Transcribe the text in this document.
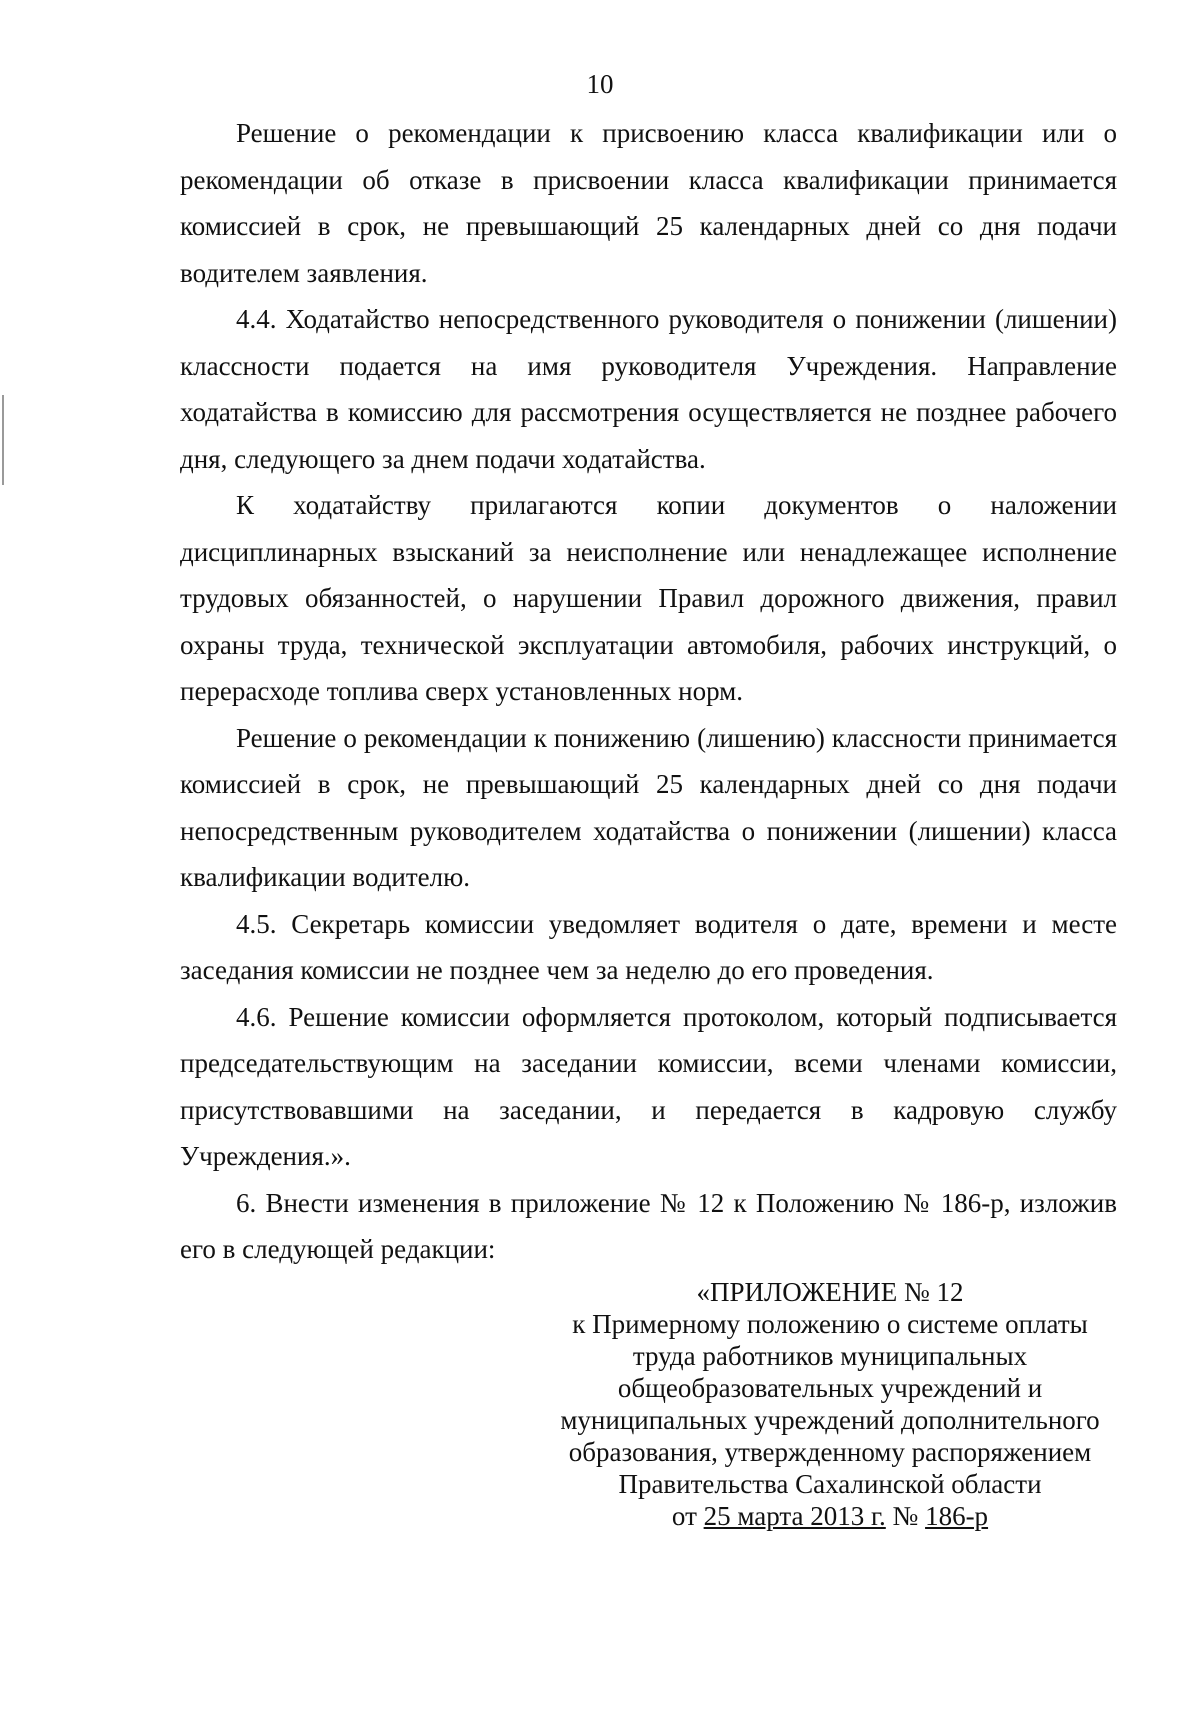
10

Решение о рекомендации к присвоению класса квалификации или о рекомендации об отказе в присвоении класса квалификации принимается комиссией в срок, не превышающий 25 календарных дней со дня подачи водителем заявления.

4.4. Ходатайство непосредственного руководителя о понижении (лишении) классности подается на имя руководителя Учреждения. Направление ходатайства в комиссию для рассмотрения осуществляется не позднее рабочего дня, следующего за днем подачи ходатайства.

К ходатайству прилагаются копии документов о наложении дисциплинарных взысканий за неисполнение или ненадлежащее исполнение трудовых обязанностей, о нарушении Правил дорожного движения, правил охраны труда, технической эксплуатации автомобиля, рабочих инструкций, о перерасходе топлива сверх установленных норм.

Решение о рекомендации к понижению (лишению) классности принимается комиссией в срок, не превышающий 25 календарных дней со дня подачи непосредственным руководителем ходатайства о понижении (лишении) класса квалификации водителю.

4.5. Секретарь комиссии уведомляет водителя о дате, времени и месте заседания комиссии не позднее чем за неделю до его проведения.

4.6. Решение комиссии оформляется протоколом, который подписывается председательствующим на заседании комиссии, всеми членами комиссии, присутствовавшими на заседании, и передается в кадровую службу Учреждения.».

6. Внести изменения в приложение № 12 к Положению № 186-р, изложив его в следующей редакции:

«ПРИЛОЖЕНИЕ № 12
к Примерному положению о системе оплаты
труда работников муниципальных
общеобразовательных учреждений и
муниципальных учреждений дополнительного
образования, утвержденному распоряжением
Правительства Сахалинской области
от 25 марта 2013 г. № 186-р
